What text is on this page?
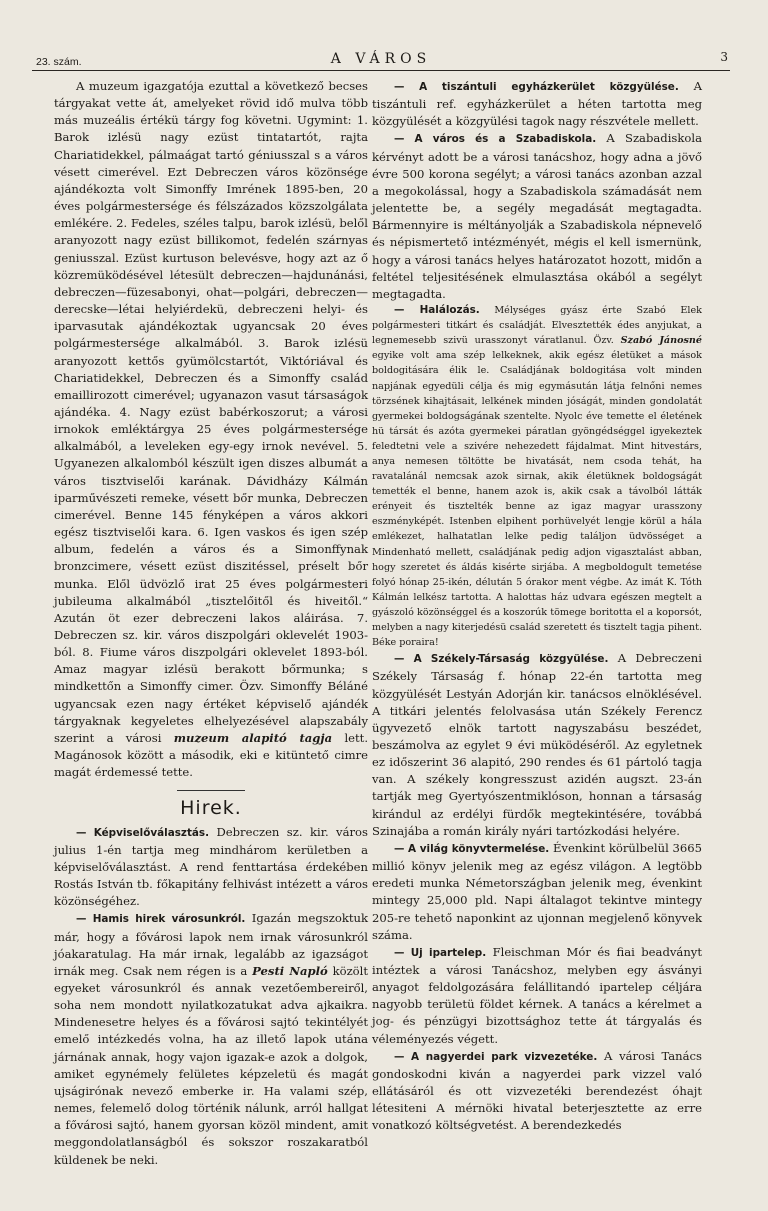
23. szám.	A VÁROS	3

A muzeum igazgatója ezuttal a következő becses tárgyakat vette át, amelyeket rövid idő mulva több más muzeális értékü tárgy fog követni. Ugymint: 1. Barok izlésü nagy ezüst tintatartót, rajta Chariatidekkel, pálmaágat tartó géniusszal s a város vésett cimerével. Ezt Debreczen város közönsége ajándékozta volt Simonffy Imrének 1895-ben, 20 éves polgármestersége és félszázados közszolgálata emlékére. 2. Fedeles, széles talpu, barok izlésü, belől aranyozott nagy ezüst billikomot, fedelén szárnyas geniusszal. Ezüst kurtuson belevésve, hogy azt az ő közremüködésével létesült debreczen—hajdunánási, debreczen—füzesabonyi, ohat—polgári, debreczen—derecske—létai helyiérdekü, debreczeni helyi- és iparvasutak ajándékoztak ugyancsak 20 éves polgármestersége alkalmából. 3. Barok izlésü aranyozott kettős gyümölcstartót, Viktóriával és Chariatidekkel, Debreczen és a Simonffy család emaillirozott cimerével; ugyanazon vasut társaságok ajándéka. 4. Nagy ezüst babérkoszorut; a városi irnokok emléktárgya 25 éves polgármestersége alkalmából, a leveleken egy-egy irnok nevével. 5. Ugyanezen alkalomból készült igen diszes albumát a város tisztviselői karának. Dávidházy Kálmán iparművészeti remeke, vésett bőr munka, Debreczen cimerével. Benne 145 fényképen a város akkori egész tisztviselői kara. 6. Igen vaskos és igen szép album, fedelén a város és a Simonffynak bronzcimere, vésett ezüst diszitéssel, préselt bőr munka. Elől üdvözlő irat 25 éves polgármesteri jubileuma alkalmából „tisztelőitől és hiveitől.“ Azután öt ezer debreczeni lakos aláirása. 7. Debreczen sz. kir. város diszpolgári oklevelét 1903-ból. 8. Fiume város diszpolgári oklevelet 1893-ból. Amaz magyar izlésü berakott bőrmunka; s mindkettőn a Simonffy cimer. Özv. Simonffy Béláné ugyancsak ezen nagy értéket képviselő ajándék tárgyaknak kegyeletes elhelyezésével alapszabály szerint a városi muzeum alapitó tagja lett. Magánosok között a második, eki e kitüntető cimre magát érdemessé tette.

Hirek.

— Képviselőválasztás. Debreczen sz. kir. város julius 1-én tartja meg mindhárom kerületben a képviselőválasztást. A rend fenttartása érdekében Rostás István tb. főkapitány felhivást intézett a város közönségéhez.

— Hamis hirek városunkról. Igazán megszoktuk már, hogy a fővárosi lapok nem irnak városunkról jóakaratulag. Ha már irnak, legalább az igazságot irnák meg. Csak nem régen is a Pesti Napló közölt egyeket városunkról és annak vezetőembereiről, soha nem mondott nyilatkozatukat adva ajkaikra. Mindenesetre helyes és a fővárosi sajtó tekintélyét emelő intézkedés volna, ha az illető lapok utána járnának annak, hogy vajon igazak-e azok a dolgok, amiket egynémely felületes képzeletü és magát ujságirónak nevező emberke ir. Ha valami szép, nemes, felemelő dolog történik nálunk, arról hallgat a fővárosi sajtó, hanem gyorsan közöl mindent, amit meggondolatlanságból és sokszor roszakaratból küldenek be neki.

— A tiszántuli egyházkerület közgyülése. A tiszántuli ref. egyházkerület a héten tartotta meg közgyülését a közgyülési tagok nagy részvétele mellett.

— A város és a Szabadiskola. A Szabadiskola kérvényt adott be a városi tanácshoz, hogy adna a jövő évre 500 korona segélyt; a városi tanács azonban azzal a megokolással, hogy a Szabadiskola számadását nem jelentette be, a segély megadását megtagadta. Bármennyire is méltányolják a Szabadiskola népnevelő és népismertető intézményét, mégis el kell ismernünk, hogy a városi tanács helyes határozatot hozott, midőn a feltétel teljesitésének elmulasztása okából a segélyt megtagadta.

— Halálozás. Mélységes gyász érte Szabó Elek polgármesteri titkárt és családját. Elvesztették édes anyjukat, a legnemesebb szivü urasszonyt váratlanul. Özv. Szabó Jánosné egyike volt ama szép lelkeknek, akik egész életüket a mások boldogitására élik le. Családjának boldogitása volt minden napjának egyedüli célja és mig egymásután látja felnőni nemes törzsének kihajtásait, lelkének minden jóságát, minden gondolatát gyermekei boldogságának szentelte. Nyolc éve temette el életének hü társát és azóta gyermekei páratlan gyöngédséggel igyekeztek feledtetni vele a szivére nehezedett fájdalmat. Mint hitvestárs, anya nemesen töltötte be hivatását, nem csoda tehát, ha ravatalánál nemcsak azok sirnak, akik életüknek boldogságát temették el benne, hanem azok is, akik csak a távolból látták erényeit és tisztelték benne az igaz magyar urasszony eszményképét. Istenben elpihent porhüvelyét lengje körül a hála emlékezet, halhatatlan lelke pedig találjon üdvösséget a Mindenható mellett, családjának pedig adjon vigasztalást abban, hogy szeretet és áldás kisérte sirjába. A megboldogult temetése folyó hónap 25-ikén, délután 5 órakor ment végbe. Az imát K. Tóth Kálmán lelkész tartotta. A halottas ház udvara egészen megtelt a gyászoló közönséggel és a koszorúk tömege boritotta el a koporsót, melyben a nagy kiterjedésü család szeretett és tisztelt tagja pihent. Béke poraira!

— A Székely-Társaság közgyülése. A Debreczeni Székely Társaság f. hónap 22-én tartotta meg közgyülését Lestyán Adorján kir. tanácsos elnöklésével. A titkári jelentés felolvasása után Székely Ferencz ügyvezető elnök tartott nagyszabásu beszédet, beszámolva az egylet 9 évi müködéséről. Az egyletnek ez időszerint 36 alapitó, 290 rendes és 61 pártoló tagja van. A székely kongresszust azidén augszt. 23-án tartják meg Gyertyószentmiklóson, honnan a társaság kirándul az erdélyi fürdők megtekintésére, továbbá Szinajába a román király nyári tartózkodási helyére.

— A világ könyvtermelése. Évenkint körülbelül 3665 millió könyv jelenik meg az egész világon. A legtöbb eredeti munka Németországban jelenik meg, évenkint mintegy 25,000 pld. Napi általagot tekintve mintegy 205-re tehető naponkint az ujonnan megjelenő könyvek száma.

— Uj ipartelep. Fleischman Mór és fiai beadványt intéztek a városi Tanácshoz, melyben egy ásványi anyagot feldolgozására felállitandó ipartelep céljára nagyobb területü földet kérnek. A tanács a kérelmet a jog- és pénzügyi bizottsághoz tette át tárgyalás és véleményezés végett.

— A nagyerdei park vizvezetéke. A városi Tanács gondoskodni kiván a nagyerdei park vizzel való ellátásáról és ott vizvezetéki berendezést óhajt létesiteni A mérnöki hivatal beterjesztette az erre vonatkozó költségvetést. A berendezkedés
